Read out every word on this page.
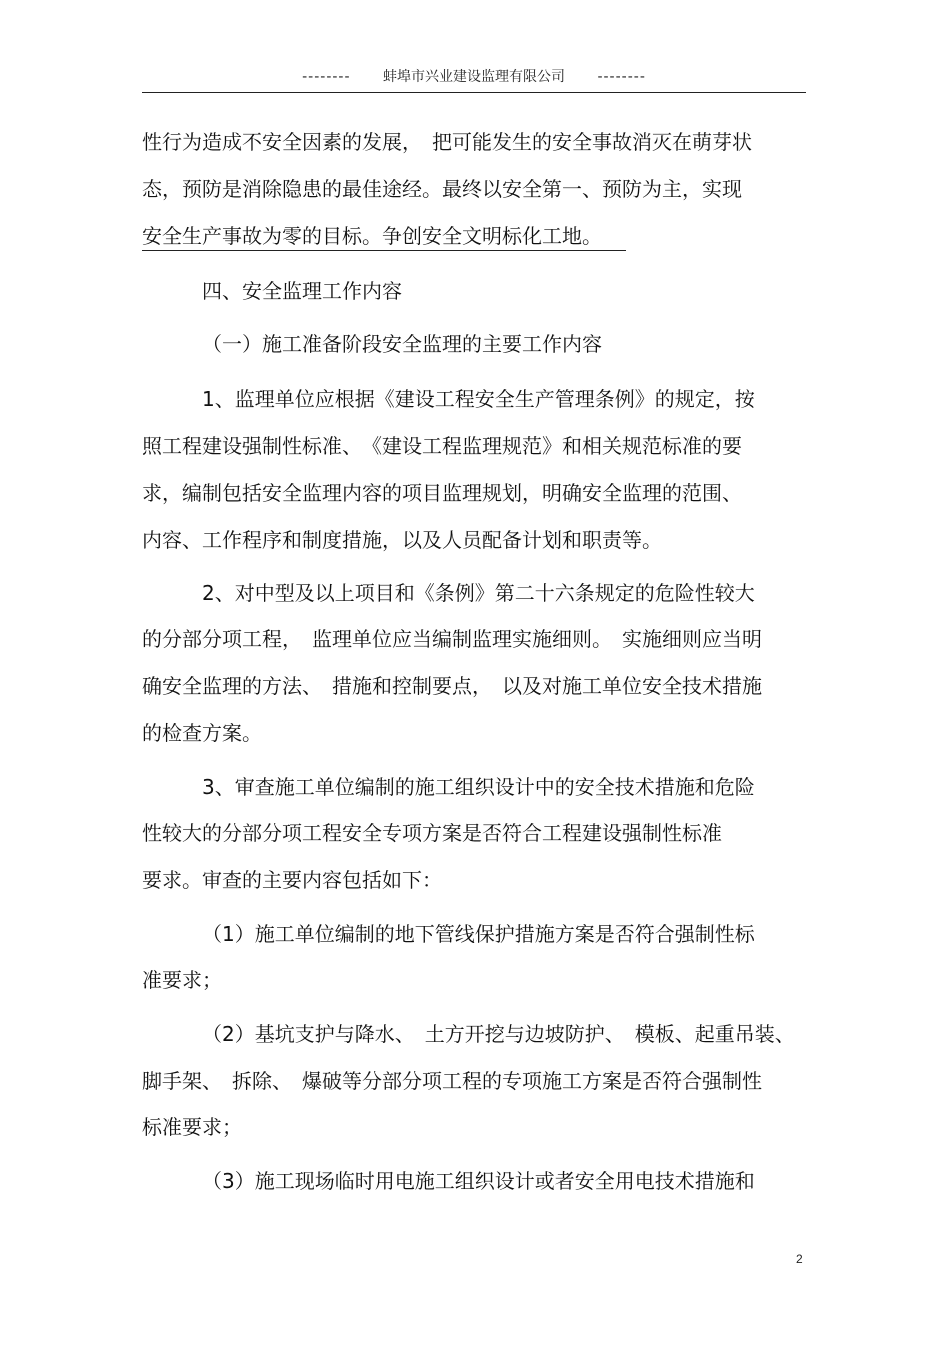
-------- 蚌埠市兴业建设监理有限公司 --------
性行为造成不安全因素的发展，　把可能发生的安全事故消灭在萌芽状
态，预防是消除隐患的最佳途经。最终以安全第一、预防为主，实现
安全生产事故为零的目标。争创安全文明标化工地。
四、安全监理工作内容
（一）施工准备阶段安全监理的主要工作内容
1、监理单位应根据《建设工程安全生产管理条例》的规定，按
照工程建设强制性标准、　《建设工程监理规范》和相关规范标准的要
求，编制包括安全监理内容的项目监理规划，明确安全监理的范围、
内容、工作程序和制度措施，以及人员配备计划和职责等。
2、对中型及以上项目和《条例》第二十六条规定的危险性较大
的分部分项工程，　监理单位应当编制监理实施细则。　实施细则应当明
确安全监理的方法、　措施和控制要点，　以及对施工单位安全技术措施
的检查方案。
3、审查施工单位编制的施工组织设计中的安全技术措施和危险
性较大的分部分项工程安全专项方案是否符合工程建设强制性标准
要求。审查的主要内容包括如下：
（1）施工单位编制的地下管线保护措施方案是否符合强制性标
准要求；
（2）基坑支护与降水、　土方开挖与边坡防护、　模板、起重吊装、
脚手架、　拆除、　爆破等分部分项工程的专项施工方案是否符合强制性
标准要求；
（3）施工现场临时用电施工组织设计或者安全用电技术措施和
2
